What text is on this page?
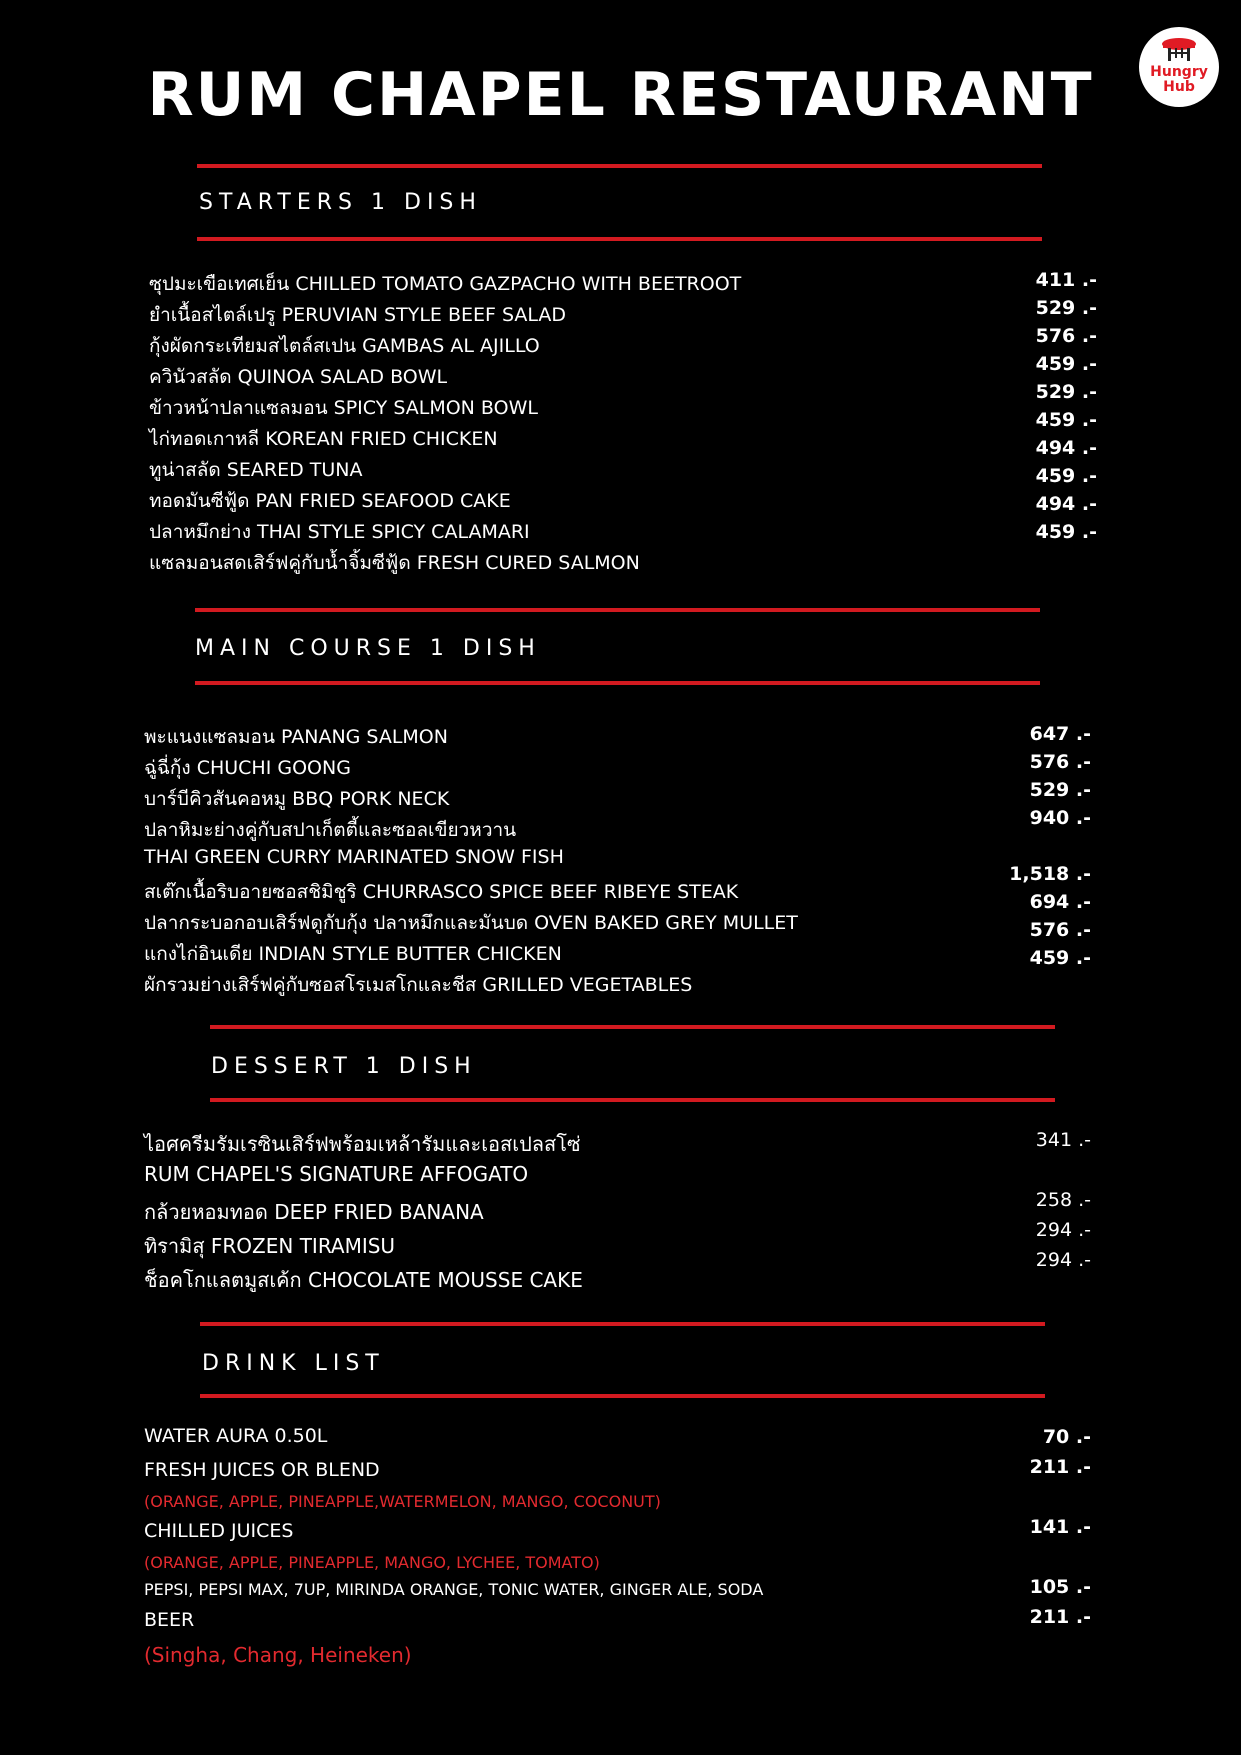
RUM CHAPEL RESTAURANT	Hungry
Hub
STARTERS 1 DISH
ซุปมะเขือเทศเย็น CHILLED TOMATO GAZPACHO WITH BEETROOT
ยำเนื้อสไตล์เปรู PERUVIAN STYLE BEEF SALAD
กุ้งผัดกระเทียมสไตล์สเปน GAMBAS AL AJILLO
ควินัวสลัด QUINOA SALAD BOWL
ข้าวหน้าปลาแซลมอน SPICY SALMON BOWL
ไก่ทอดเกาหลี KOREAN FRIED CHICKEN
ทูน่าสลัด SEARED TUNA
ทอดมันซีฟู้ด PAN FRIED SEAFOOD CAKE
ปลาหมึกย่าง THAI STYLE SPICY CALAMARI
แซลมอนสดเสิร์ฟคู่กับน้ำจิ้มซีฟู้ด FRESH CURED SALMON
411 .-
529 .-
576 .-
459 .-
529 .-
459 .-
494 .-
459 .-
494 .-
459 .-
MAIN COURSE 1 DISH
พะแนงแซลมอน PANANG SALMON
ฉู่ฉี่กุ้ง CHUCHI GOONG
บาร์บีคิวสันคอหมู BBQ PORK NECK
ปลาหิมะย่างคู่กับสปาเก็ตตี้และซอลเขียวหวาน
THAI GREEN CURRY MARINATED SNOW FISH
สเต๊กเนื้อริบอายซอสชิมิชูริ CHURRASCO SPICE BEEF RIBEYE STEAK
ปลากระบอกอบเสิร์ฟดูกับกุ้ง ปลาหมึกและมันบด OVEN BAKED GREY MULLET
แกงไก่อินเดีย INDIAN STYLE BUTTER CHICKEN
ผักรวมย่างเสิร์ฟคู่กับซอสโรเมสโกและชีส GRILLED VEGETABLES
647 .-
576 .-
529 .-
940 .-
1,518 .-
694 .-
576 .-
459 .-
DESSERT 1 DISH
ไอศครีมรัมเรซินเสิร์ฟพร้อมเหล้ารัมและเอสเปลสโซ่
RUM CHAPEL'S SIGNATURE AFFOGATO
กล้วยหอมทอด DEEP FRIED BANANA
ทิรามิสุ FROZEN TIRAMISU
ช็อคโกแลตมูสเค้ก CHOCOLATE MOUSSE CAKE
341 .-
258 .-
294 .-
294 .-
DRINK LIST
WATER AURA 0.50L
FRESH JUICES OR BLEND
(ORANGE, APPLE, PINEAPPLE,WATERMELON, MANGO, COCONUT)
CHILLED JUICES
(ORANGE, APPLE, PINEAPPLE, MANGO, LYCHEE, TOMATO)
PEPSI, PEPSI MAX, 7UP, MIRINDA ORANGE, TONIC WATER, GINGER ALE, SODA
BEER
(Singha, Chang, Heineken)
70 .-
211 .-
141 .-
105 .-
211 .-
